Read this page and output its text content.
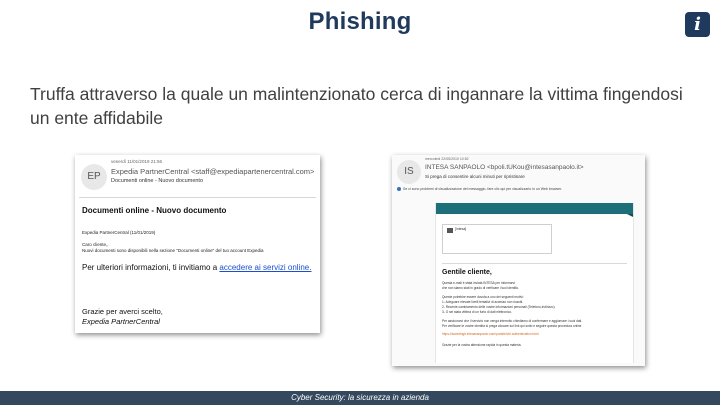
Phishing	i
Truffa attraverso la quale un malintenzionato cerca di ingannare la vittima fingendosi un ente affidabile
EP
venerdì 11/01/2019 21:56
Expedia PartnerCentral <staff@expediapartenercentral.com>
Documenti online - Nuovo documento
Documenti online - Nuovo documento
Expedia PartnerCentral (11/01/2019)
Caro cliente,,
Nuovi documenti sono disponibili nella sezione "Documenti online" del tuo account Expedia
Per ulteriori informazioni, ti invitiamo a accedere ai servizi online.
Grazie per averci scelto,
Expedia PartnerCentral
IS
mercoledì 22/05/2019 10:52
INTESA SANPAOLO <bpoli.tUKou@intesasanpaolo.it>
Si prega di consentire alcuni minuti per ripristinare
Se ci sono problemi di visualizzazione del messaggio, fare clic qui per visualizzarlo in un Web browser.
[intesa]
Gentile cliente,
Questa e-mail è stata inviata INTESA per informarvi
che non siamo stati in grado di verificare i tuoi identità.
Queste potrebbe essere dovuta a uno dei seguenti motivi:
1- Adeguare elevate livelli tentativi di accesso non riusciti.
2- Recente cambiamento delle vostre informazioni personali (Telefono,Indirizzo).
3- O sei stata vittima di un furto di dati elettronico.
Per assicurarvi che il servizio non venga interrotto chiediamo di confermare e aggiornare i suoi dati.
Per verificare le vostre identità si prega cliccare sul link qui sotto e seguire questa procedura online
https://accedinglr.intesasanpaolo.com/portale/ctrl.authentication.html
Grazie per la vostra attenzione rapida in questa materia.
Cyber Security: la sicurezza in azienda
